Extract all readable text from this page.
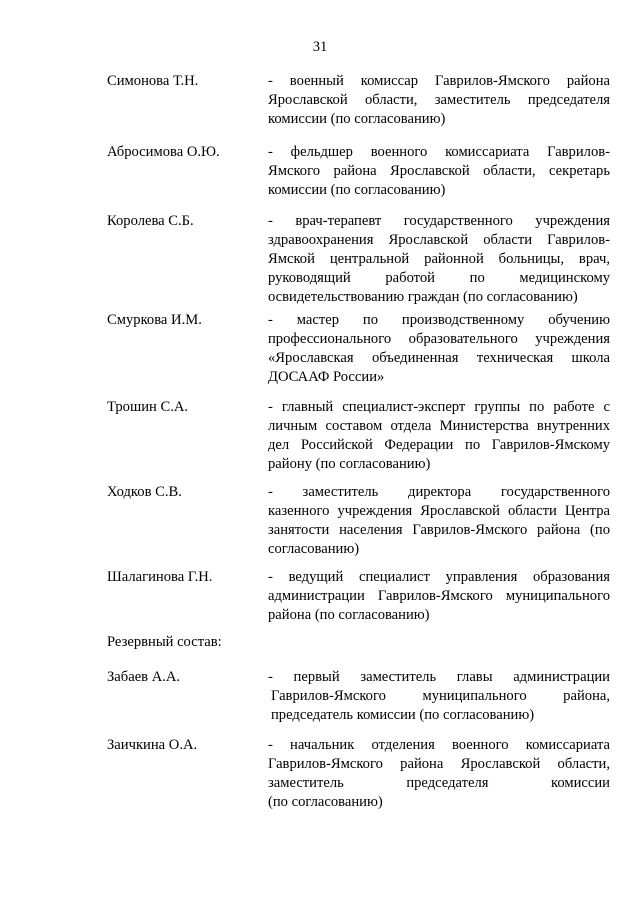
31
Симонова Т.Н.	- военный комиссар Гаврилов-Ямского района
Ярославской области, заместитель председателя
комиссии (по согласованию)
Абросимова О.Ю.	- фельдшер военного комиссариата Гаврилов-
Ямского района Ярославской области, секретарь
комиссии (по согласованию)
Королева С.Б.	- врач-терапевт государственного учреждения
здравоохранения Ярославской области Гаврилов-
Ямской центральной районной больницы, врач,
руководящий работой по медицинскому
освидетельствованию граждан (по согласованию)
Смуркова И.М.	- мастер по производственному обучению
профессионального образовательного учреждения
«Ярославская объединенная техническая школа
ДОСААФ России»
Трошин С.А.	- главный специалист-эксперт группы по работе с
личным составом отдела Министерства внутренних
дел Российской Федерации по Гаврилов-Ямскому
району (по согласованию)
Ходков С.В.	- заместитель директора государственного
казенного учреждения Ярославской области Центра
занятости населения Гаврилов-Ямского района (по
согласованию)
Шалагинова Г.Н.	- ведущий специалист управления образования
администрации Гаврилов-Ямского муниципального
района (по согласованию)
Резервный состав:
Забаев А.А.	- первый заместитель главы администрации
Гаврилов-Ямского муниципального района,
председатель комиссии (по согласованию)
Заичкина О.А.	- начальник отделения военного комиссариата
Гаврилов-Ямского района Ярославской области,
заместитель председателя комиссии
(по согласованию)
